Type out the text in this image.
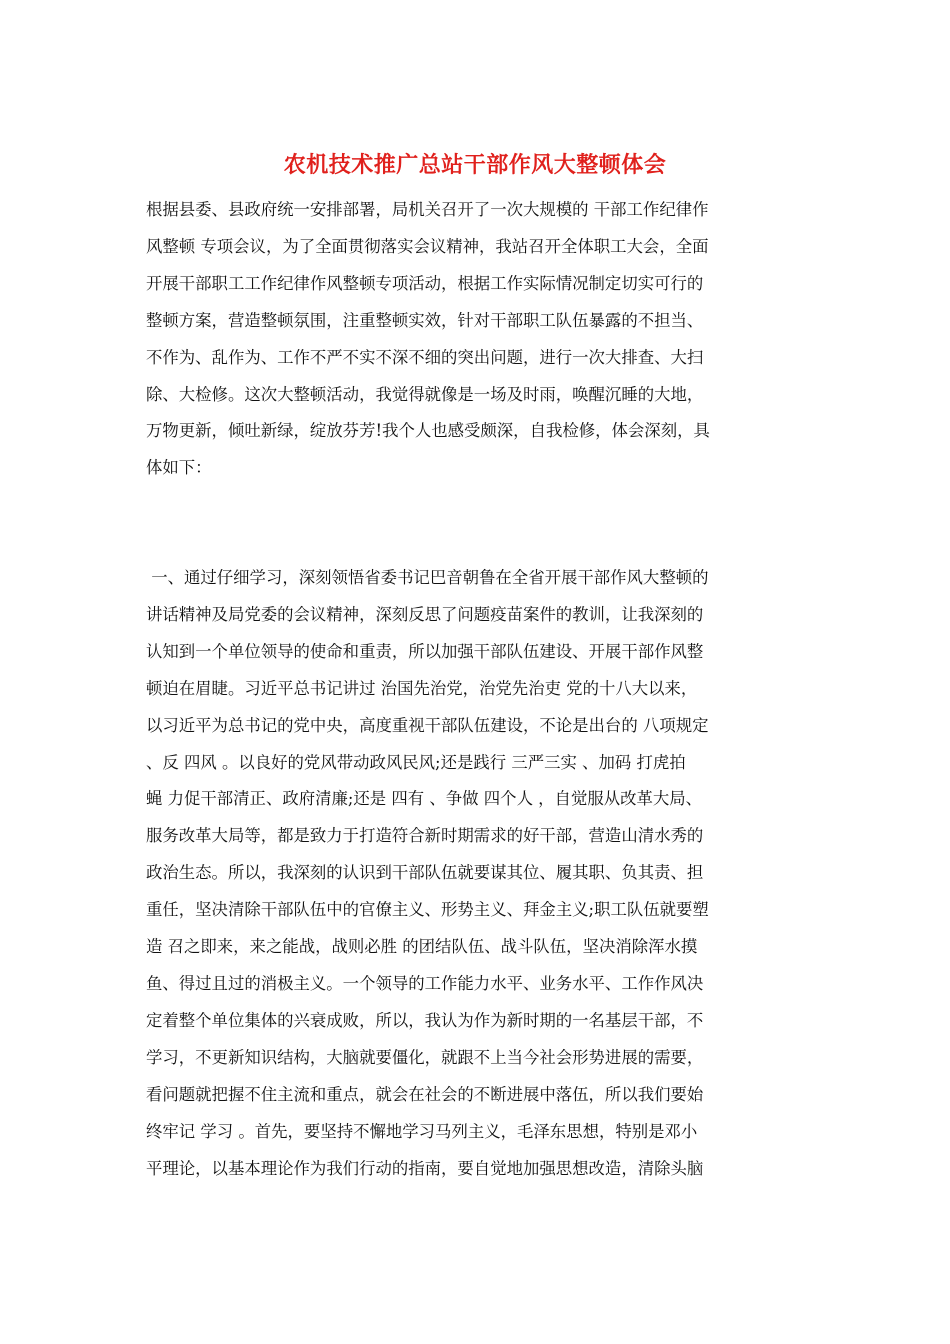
农机技术推广总站干部作风大整顿体会
根据县委、县政府统一安排部署，局机关召开了一次大规模的 干部工作纪律作
风整顿 专项会议，为了全面贯彻落实会议精神，我站召开全体职工大会，全面
开展干部职工工作纪律作风整顿专项活动，根据工作实际情况制定切实可行的
整顿方案，营造整顿氛围，注重整顿实效，针对干部职工队伍暴露的不担当、
不作为、乱作为、工作不严不实不深不细的突出问题，进行一次大排查、大扫
除、大检修。这次大整顿活动，我觉得就像是一场及时雨，唤醒沉睡的大地，
万物更新，倾吐新绿，绽放芬芳!我个人也感受颇深，自我检修，体会深刻，具
体如下：
一、通过仔细学习，深刻领悟省委书记巴音朝鲁在全省开展干部作风大整顿的
讲话精神及局党委的会议精神，深刻反思了问题疫苗案件的教训，让我深刻的
认知到一个单位领导的使命和重责，所以加强干部队伍建设、开展干部作风整
顿迫在眉睫。习近平总书记讲过 治国先治党，治党先治吏 党的十八大以来，
以习近平为总书记的党中央，高度重视干部队伍建设，不论是出台的 八项规定
、反 四风 。以良好的党风带动政风民风;还是践行 三严三实 、加码 打虎拍
蝇 力促干部清正、政府清廉;还是 四有 、争做 四个人 ，自觉服从改革大局、
服务改革大局等，都是致力于打造符合新时期需求的好干部，营造山清水秀的
政治生态。所以，我深刻的认识到干部队伍就要谋其位、履其职、负其责、担
重任，坚决清除干部队伍中的官僚主义、形势主义、拜金主义;职工队伍就要塑
造 召之即来，来之能战，战则必胜 的团结队伍、战斗队伍，坚决消除浑水摸
鱼、得过且过的消极主义。一个领导的工作能力水平、业务水平、工作作风决
定着整个单位集体的兴衰成败，所以，我认为作为新时期的一名基层干部，不
学习，不更新知识结构，大脑就要僵化，就跟不上当今社会形势进展的需要，
看问题就把握不住主流和重点，就会在社会的不断进展中落伍，所以我们要始
终牢记 学习 。首先，要坚持不懈地学习马列主义，毛泽东思想，特别是邓小
平理论，以基本理论作为我们行动的指南，要自觉地加强思想改造，清除头脑
